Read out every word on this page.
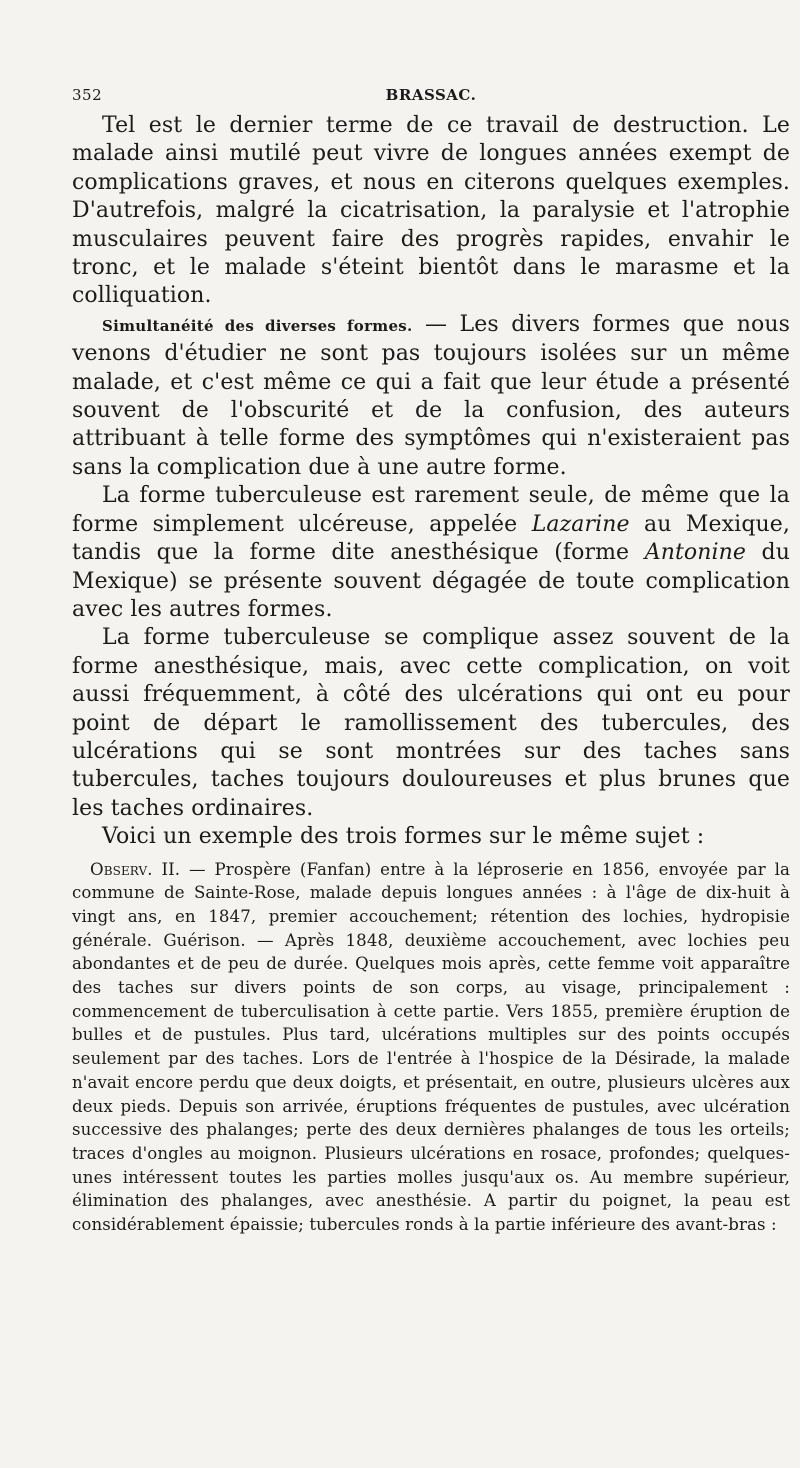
352	BRASSAC.

Tel est le dernier terme de ce travail de destruction. Le malade ainsi mutilé peut vivre de longues années exempt de complications graves, et nous en citerons quelques exemples. D'autrefois, malgré la cicatrisation, la paralysie et l'atrophie musculaires peuvent faire des progrès rapides, envahir le tronc, et le malade s'éteint bientôt dans le marasme et la colliquation.

Simultanéité des diverses formes. — Les divers formes que nous venons d'étudier ne sont pas toujours isolées sur un même malade, et c'est même ce qui a fait que leur étude a présenté souvent de l'obscurité et de la confusion, des auteurs attribuant à telle forme des symptômes qui n'existeraient pas sans la complication due à une autre forme.

La forme tuberculeuse est rarement seule, de même que la forme simplement ulcéreuse, appelée Lazarine au Mexique, tandis que la forme dite anesthésique (forme Antonine du Mexique) se présente souvent dégagée de toute complication avec les autres formes.

La forme tuberculeuse se complique assez souvent de la forme anesthésique, mais, avec cette complication, on voit aussi fréquemment, à côté des ulcérations qui ont eu pour point de départ le ramollissement des tubercules, des ulcérations qui se sont montrées sur des taches sans tubercules, taches toujours douloureuses et plus brunes que les taches ordinaires.

Voici un exemple des trois formes sur le même sujet :

Observ. II. — Prospère (Fanfan) entre à la léproserie en 1856, envoyée par la commune de Sainte-Rose, malade depuis longues années : à l'âge de dix-huit à vingt ans, en 1847, premier accouchement; rétention des lochies, hydropisie générale. Guérison. — Après 1848, deuxième accouchement, avec lochies peu abondantes et de peu de durée. Quelques mois après, cette femme voit apparaître des taches sur divers points de son corps, au visage, principalement : commencement de tuberculisation à cette partie. Vers 1855, première éruption de bulles et de pustules. Plus tard, ulcérations multiples sur des points occupés seulement par des taches. Lors de l'entrée à l'hospice de la Désirade, la malade n'avait encore perdu que deux doigts, et présentait, en outre, plusieurs ulcères aux deux pieds. Depuis son arrivée, éruptions fréquentes de pustules, avec ulcération successive des phalanges; perte des deux dernières phalanges de tous les orteils; traces d'ongles au moignon. Plusieurs ulcérations en rosace, profondes; quelques-unes intéressent toutes les parties molles jusqu'aux os. Au membre supérieur, élimination des phalanges, avec anesthésie. A partir du poignet, la peau est considérablement épaissie; tubercules ronds à la partie inférieure des avant-bras :
